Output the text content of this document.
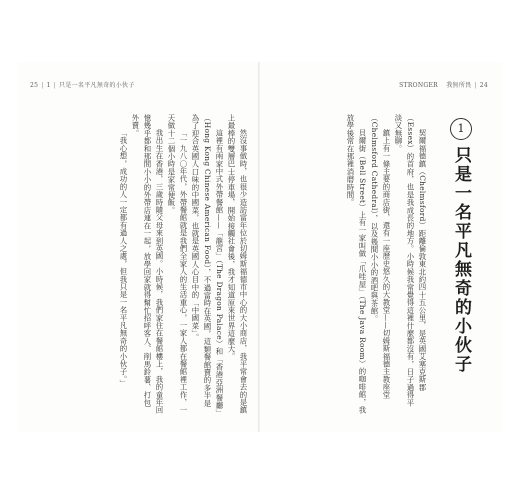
25 | 1 | 只是一名平凡無奇的小伙子

然沒事做時，也很少造訪當年位於切姆斯福德市中心的大小商店，我平常會去的是鎮上最棒的雙層巴士停車場，開始接觸社會後，我才知道原來世界這麼大。

這裡有兩家中式外帶餐館——「龍宮」（The Dragon Palace）和「香港亞洲餐廳」（Hong Kong Chinese American Food），不過當時在英國，這類餐館賣的多半是為了迎合英國人口味的中國菜，也就是英國人心目中的「中國菜」。

「一九八〇年代，外帶餐館就是我們全家人的生活重心，一家人都在餐館裡工作，一天做十二個小時是家常便飯。

我出生在香港，三歲時隨父母來到英國。小時候，我們家住在餐館樓上，我的童年回憶幾乎都和那間小小的外帶店連在一起，放學回家就得幫忙招呼客人、削馬鈴薯、打包外賣。

「我心想，成功的人一定都有過人之處，但我只是一名平凡無奇的小伙子。」

STRONGER 我無所畏 | 24
1
只是一名平凡無奇的小伙子

契爾福德鎮（Chelmsford）距離倫敦東北約四十五公里，是英國艾塞克斯郡（Essex）的首府，也是我成長的地方。小時候我常覺得這裡什麼都沒有，日子過得平淡又無聊。

鎮上有一條主要的商店街，還有一座歷史悠久的大教堂——切姆斯福德主教座堂（Chelmsford Cathedral），以及幾間小小的酒吧與茶館。

貝爾街（Bell Street）上有一家叫做「爪哇屋」（The Java Room）的咖啡館，我放學後常在那裡消磨時間。
